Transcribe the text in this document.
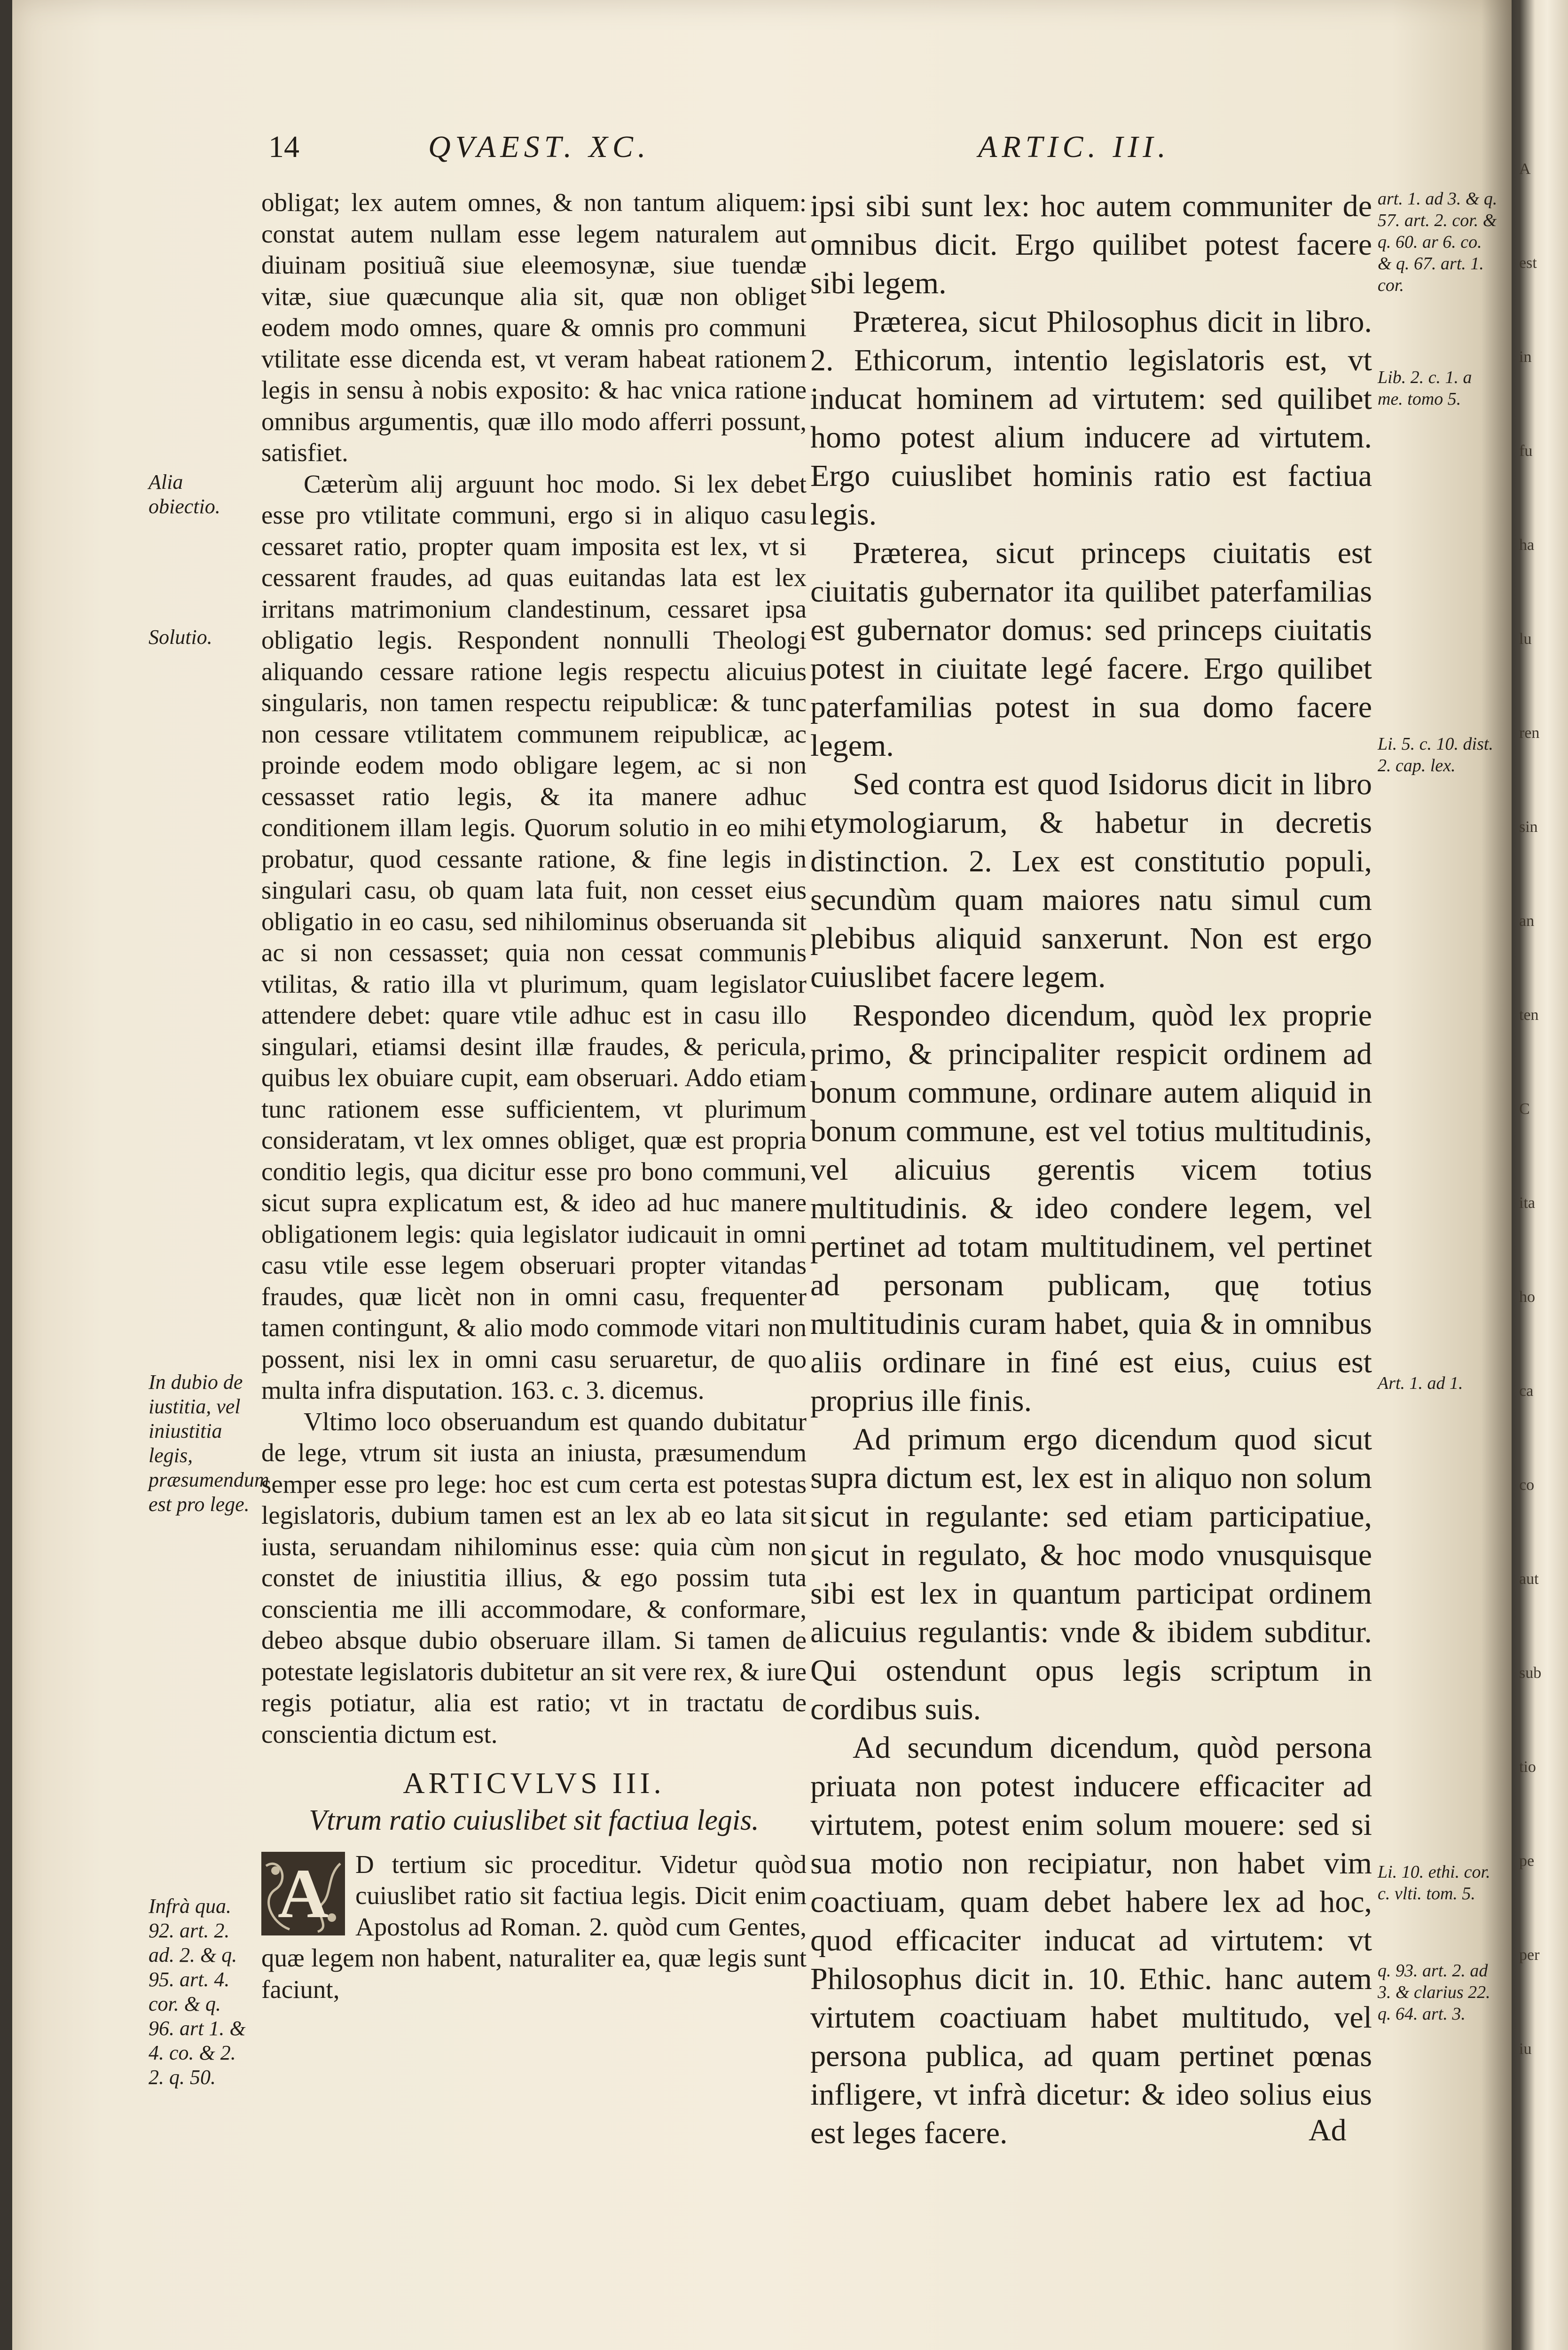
A
est
in
fu
ha
lu
ren
sin
an
ten
C
ita
ho
ca
co
aut
sub
tio
pe
per
iu
14	QVAEST. XC.	ARTIC. III.

obligat; lex autem omnes, & non tantum aliquem: constat autem nullam esse legem naturalem aut diuinam positiuã siue eleemosynæ, siue tuendæ vitæ, siue quæcunque alia sit, quæ non obliget eodem modo omnes, quare & omnis pro communi vtilitate esse dicenda est, vt veram habeat rationem legis in sensu à nobis exposito: & hac vnica ratione omnibus argumentis, quæ illo modo afferri possunt, satisfiet.

Cæterùm alij arguunt hoc modo. Si lex debet esse pro vtilitate communi, ergo si in aliquo casu cessaret ratio, propter quam imposita est lex, vt si cessarent fraudes, ad quas euitandas lata est lex irritans matrimonium clandestinum, cessaret ipsa obligatio legis. Respondent nonnulli Theologi aliquando cessare ratione legis respectu alicuius singularis, non tamen respectu reipublicæ: & tunc non cessare vtilitatem communem reipublicæ, ac proinde eodem modo obligare legem, ac si non cessasset ratio legis, & ita manere adhuc conditionem illam legis. Quorum solutio in eo mihi probatur, quod cessante ratione, & fine legis in singulari casu, ob quam lata fuit, non cesset eius obligatio in eo casu, sed nihilominus obseruanda sit ac si non cessasset; quia non cessat communis vtilitas, & ratio illa vt plurimum, quam legislator attendere debet: quare vtile adhuc est in casu illo singulari, etiamsi desint illæ fraudes, & pericula, quibus lex obuiare cupit, eam obseruari. Addo etiam tunc rationem esse sufficientem, vt plurimum consideratam, vt lex omnes obliget, quæ est propria conditio legis, qua dicitur esse pro bono communi, sicut supra explicatum est, & ideo ad huc manere obligationem legis: quia legislator iudicauit in omni casu vtile esse legem obseruari propter vitandas fraudes, quæ licèt non in omni casu, frequenter tamen contingunt, & alio modo commode vitari non possent, nisi lex in omni casu seruaretur, de quo multa infra disputation. 163. c. 3. dicemus.

Vltimo loco obseruandum est quando dubitatur de lege, vtrum sit iusta an iniusta, præsumendum semper esse pro lege: hoc est cum certa est potestas legislatoris, dubium tamen est an lex ab eo lata sit iusta, seruandam nihilominus esse: quia cùm non constet de iniustitia illius, & ego possim tuta conscientia me illi accommodare, & conformare, debeo absque dubio obseruare illam. Si tamen de potestate legislatoris dubitetur an sit vere rex, & iure regis potiatur, alia est ratio; vt in tractatu de conscientia dictum est.

ARTICVLVS III.

Vtrum ratio cuiuslibet sit factiua legis.

A	D tertium sic proceditur. Videtur quòd cuiuslibet ratio sit factiua legis. Dicit enim Apostolus ad Roman. 2. quòd cum Gentes, quæ legem non habent, naturaliter ea, quæ legis sunt faciunt,

ipsi sibi sunt lex: hoc autem communiter de omnibus dicit. Ergo quilibet potest facere sibi legem.

Præterea, sicut Philosophus dicit in libro. 2. Ethicorum, intentio legislatoris est, vt inducat hominem ad virtutem: sed quilibet homo potest alium inducere ad virtutem. Ergo cuiuslibet hominis ratio est factiua legis.

Præterea, sicut princeps ciuitatis est ciuitatis gubernator ita quilibet paterfamilias est gubernator domus: sed princeps ciuitatis potest in ciuitate legé facere. Ergo quilibet paterfamilias potest in sua domo facere legem.

Sed contra est quod Isidorus dicit in libro etymologiarum, & habetur in decretis distinction. 2. Lex est constitutio populi, secundùm quam maiores natu simul cum plebibus aliquid sanxerunt. Non est ergo cuiuslibet facere legem.

Respondeo dicendum, quòd lex proprie primo, & principaliter respicit ordinem ad bonum commune, ordinare autem aliquid in bonum commune, est vel totius multitudinis, vel alicuius gerentis vicem totius multitudinis. & ideo condere legem, vel pertinet ad totam multitudinem, vel pertinet ad personam publicam, quę totius multitudinis curam habet, quia & in omnibus aliis ordinare in finé est eius, cuius est proprius ille finis.

Ad primum ergo dicendum quod sicut supra dictum est, lex est in aliquo non solum sicut in regulante: sed etiam participatiue, sicut in regulato, & hoc modo vnusquisque sibi est lex in quantum participat ordinem alicuius regulantis: vnde & ibidem subditur. Qui ostendunt opus legis scriptum in cordibus suis.

Ad secundum dicendum, quòd persona priuata non potest inducere efficaciter ad virtutem, potest enim solum mouere: sed si sua motio non recipiatur, non habet vim coactiuam, quam debet habere lex ad hoc, quod efficaciter inducat ad virtutem: vt Philosophus dicit in. 10. Ethic. hanc autem virtutem coactiuam habet multitudo, vel persona publica, ad quam pertinet pœnas infligere, vt infrà dicetur: & ideo solius eius est leges facere.

Alia obiectio.
Solutio.
In dubio de iustitia, vel iniustitia legis, præsumendum est pro lege.
Infrà qua. 92. art. 2. ad. 2. & q. 95. art. 4. cor. & q. 96. art 1. & 4. co. & 2. 2. q. 50.
art. 1. ad 3. & q. 57. art. 2. cor. & q. 60. ar 6. co. & q. 67. art. 1. cor.
Lib. 2. c. 1. a me. tomo 5.
Li. 5. c. 10. dist. 2. cap. lex.
Art. 1. ad 1.
Li. 10. ethi. cor. c. vlti. tom. 5.
q. 93. art. 2. ad 3. & clarius 22. q. 64. art. 3.
Ad
